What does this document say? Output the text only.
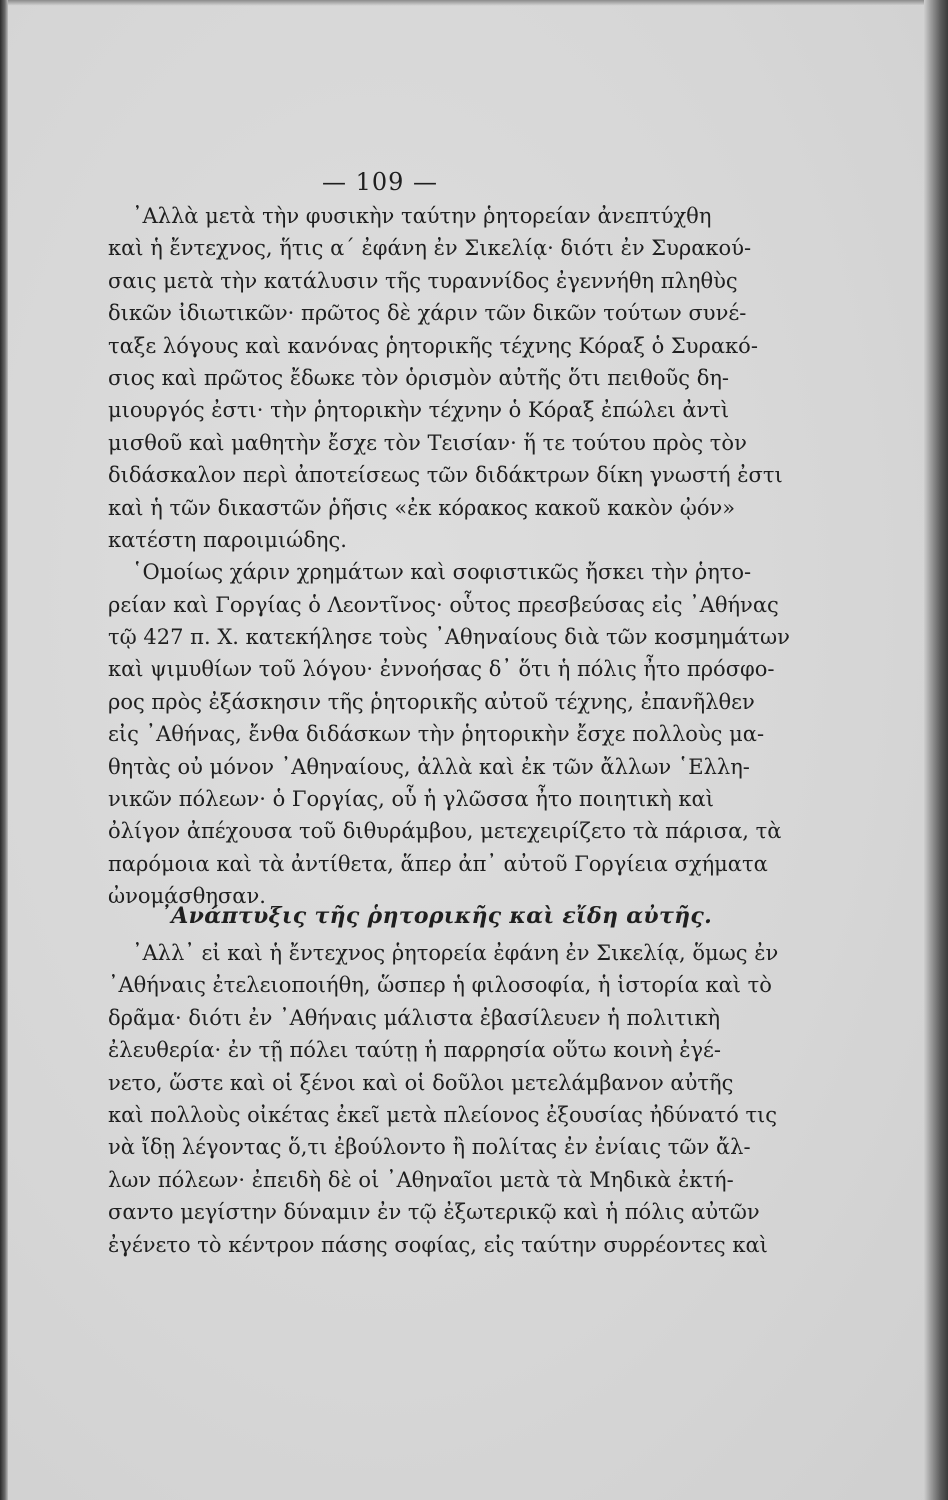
— 109 —
᾿Αλλὰ μετὰ τὴν φυσικὴν ταύτην ῥητορείαν ἀνεπτύχθη
καὶ ἡ ἔντεχνος, ἥτις α΄ ἐφάνη ἐν Σικελίᾳ· διότι ἐν Συρακού-
σαις μετὰ τὴν κατάλυσιν τῆς τυραννίδος ἐγεννήθη πληθὺς
δικῶν ἰδιωτικῶν· πρῶτος δὲ χάριν τῶν δικῶν τούτων συνέ-
ταξε λόγους καὶ κανόνας ῥητορικῆς τέχνης Κόραξ ὁ Συρακό-
σιος καὶ πρῶτος ἔδωκε τὸν ὁρισμὸν αὐτῆς ὅτι πειθοῦς δη-
μιουργός ἐστι· τὴν ῥητορικὴν τέχνην ὁ Κόραξ ἐπώλει ἀντὶ
μισθοῦ καὶ μαθητὴν ἔσχε τὸν Τεισίαν· ἥ τε τούτου πρὸς τὸν
διδάσκαλον περὶ ἀποτείσεως τῶν διδάκτρων δίκη γνωστή ἐστι
καὶ ἡ τῶν δικαστῶν ῥῆσις «ἐκ κόρακος κακοῦ κακὸν ᾠόν»
κατέστη παροιμιώδης.
῾Ομοίως χάριν χρημάτων καὶ σοφιστικῶς ἤσκει τὴν ῥητο-
ρείαν καὶ Γοργίας ὁ Λεοντῖνος· οὗτος πρεσβεύσας εἰς ᾿Αθήνας
τῷ 427 π. Χ. κατεκήλησε τοὺς ᾿Αθηναίους διὰ τῶν κοσμημάτων
καὶ ψιμυθίων τοῦ λόγου· ἐννοήσας δ᾿ ὅτι ἡ πόλις ἦτο πρόσφο-
ρος πρὸς ἐξάσκησιν τῆς ῥητορικῆς αὐτοῦ τέχνης, ἐπανῆλθεν
εἰς ᾿Αθήνας, ἔνθα διδάσκων τὴν ῥητορικὴν ἔσχε πολλοὺς μα-
θητὰς οὐ μόνον ᾿Αθηναίους, ἀλλὰ καὶ ἐκ τῶν ἄλλων ῾Ελλη-
νικῶν πόλεων· ὁ Γοργίας, οὗ ἡ γλῶσσα ἦτο ποιητικὴ καὶ
ὀλίγον ἀπέχουσα τοῦ διθυράμβου, μετεχειρίζετο τὰ πάρισα, τὰ
παρόμοια καὶ τὰ ἀντίθετα, ἅπερ ἀπ᾿ αὐτοῦ Γοργίεια σχήματα
ὠνομάσθησαν.
᾿Ανάπτυξις τῆς ῥητορικῆς καὶ εἴδη αὐτῆς.
᾿Αλλ᾿ εἰ καὶ ἡ ἔντεχνος ῥητορεία ἐφάνη ἐν Σικελίᾳ, ὅμως ἐν
᾿Αθήναις ἐτελειοποιήθη, ὥσπερ ἡ φιλοσοφία, ἡ ἱστορία καὶ τὸ
δρᾶμα· διότι ἐν ᾿Αθήναις μάλιστα ἐβασίλευεν ἡ πολιτικὴ
ἐλευθερία· ἐν τῇ πόλει ταύτῃ ἡ παρρησία οὕτω κοινὴ ἐγέ-
νετο, ὥστε καὶ οἱ ξένοι καὶ οἱ δοῦλοι μετελάμβανον αὐτῆς
καὶ πολλοὺς οἰκέτας ἐκεῖ μετὰ πλείονος ἐξουσίας ἠδύνατό τις
νὰ ἴδῃ λέγοντας ὅ,τι ἐβούλοντο ἢ πολίτας ἐν ἐνίαις τῶν ἄλ-
λων πόλεων· ἐπειδὴ δὲ οἱ ᾿Αθηναῖοι μετὰ τὰ Μηδικὰ ἐκτή-
σαντο μεγίστην δύναμιν ἐν τῷ ἐξωτερικῷ καὶ ἡ πόλις αὐτῶν
ἐγένετο τὸ κέντρον πάσης σοφίας, εἰς ταύτην συρρέοντες καὶ
